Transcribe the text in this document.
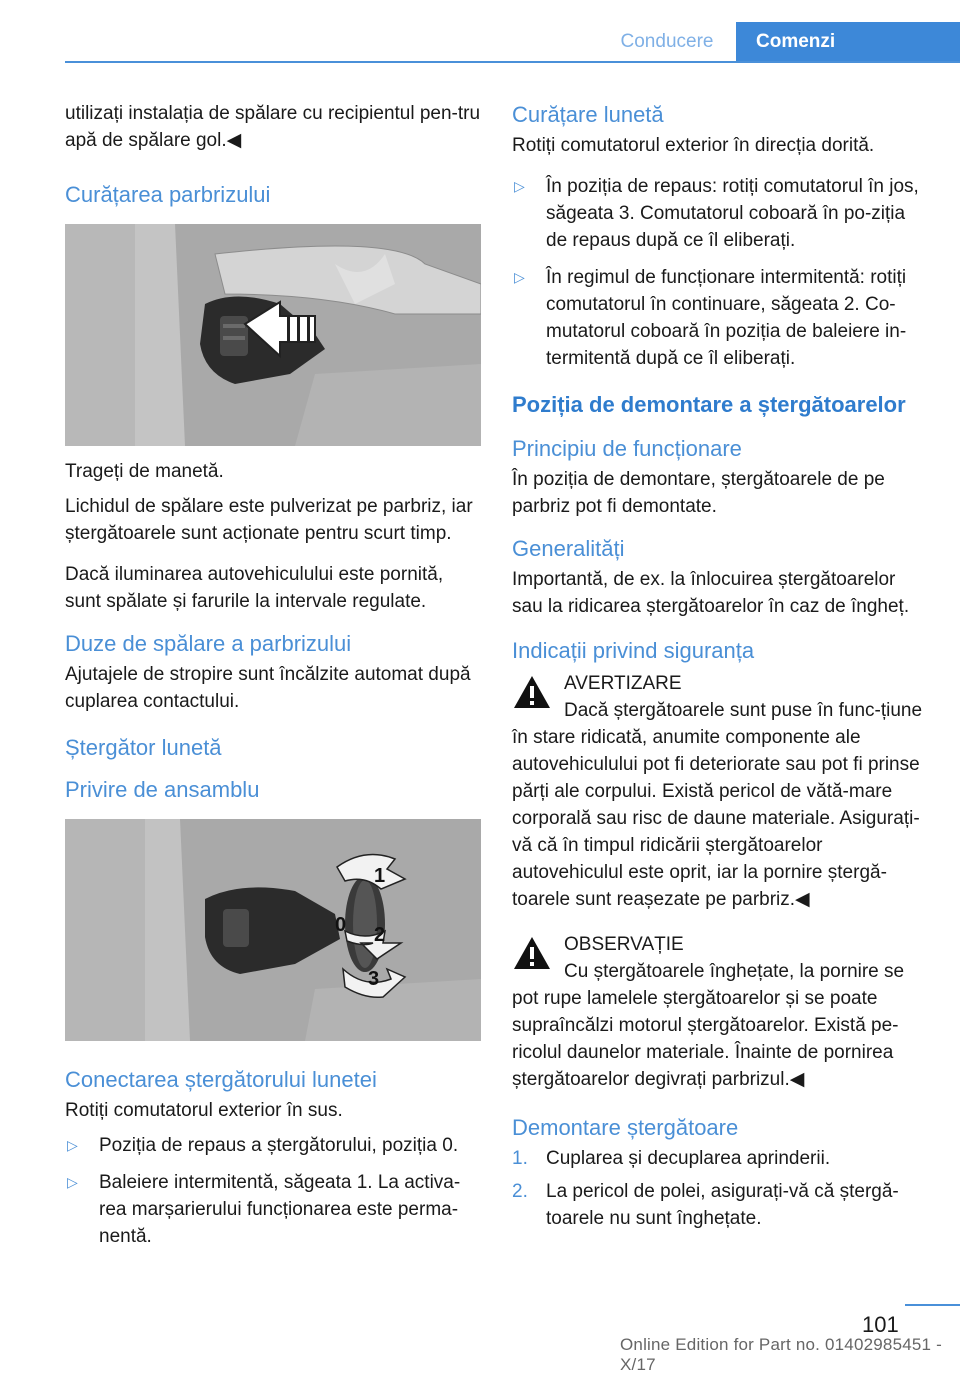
Conducere	Comenzi

utilizați instalația de spălare cu recipientul pen-tru apă de spălare gol.◀

Curățarea parbrizului

Trageți de manetă.

Lichidul de spălare este pulverizat pe parbriz, iar ștergătoarele sunt acționate pentru scurt timp.

Dacă iluminarea autovehiculului este pornită, sunt spălate și farurile la intervale regulate.

Duze de spălare a parbrizului

Ajutajele de stropire sunt încălzite automat după cuplarea contactului.

Ștergător lunetă
Privire de ansamblu
1
0 2
3
Conectarea ștergătorului lunetei

Rotiți comutatorul exterior în sus.

▷ Poziția de repaus a ștergătorului, poziția 0.
▷ Baleiere intermitentă, săgeata 1. La activa-rea marșarierului funcționarea este perma-nentă.
Curățare lunetă

Rotiți comutatorul exterior în direcția dorită.

▷ În poziția de repaus: rotiți comutatorul în jos, săgeata 3. Comutatorul coboară în po-ziția de repaus după ce îl eliberați.
▷ În regimul de funcționare intermitentă: rotiți comutatorul în continuare, săgeata 2. Co-mutatorul coboară în poziția de baleiere in-termitentă după ce îl eliberați.
Poziția de demontare a ștergătoarelor
Principiu de funcționare

În poziția de demontare, ștergătoarele de pe parbriz pot fi demontate.

Generalități

Importantă, de ex. la înlocuirea ștergătoarelor sau la ridicarea ștergătoarelor în caz de îngheț.

Indicații privind siguranța
AVERTIZARE
Dacă ștergătoarele sunt puse în func-țiune în stare ridicată, anumite componente ale autovehiculului pot fi deteriorate sau pot fi prinse părți ale corpului. Există pericol de vătă-mare corporală sau risc de daune materiale. Asigurați-vă că în timpul ridicării ștergătoarelor autovehiculul este oprit, iar la pornire ștergă-toarele sunt reașezate pe parbriz.◀
OBSERVAȚIE
Cu ștergătoarele înghețate, la pornire se pot rupe lamelele ștergătoarelor și se poate supraîncălzi motorul ștergătoarelor. Există pe-ricolul daunelor materiale. Înainte de pornirea ștergătoarelor degivrați parbrizul.◀
Demontare ștergătoare
1. Cuplarea și decuplarea aprinderii.
2. La pericol de polei, asigurați-vă că ștergă-toarele nu sunt înghețate.
101
Online Edition for Part no. 01402985451 - X/17
